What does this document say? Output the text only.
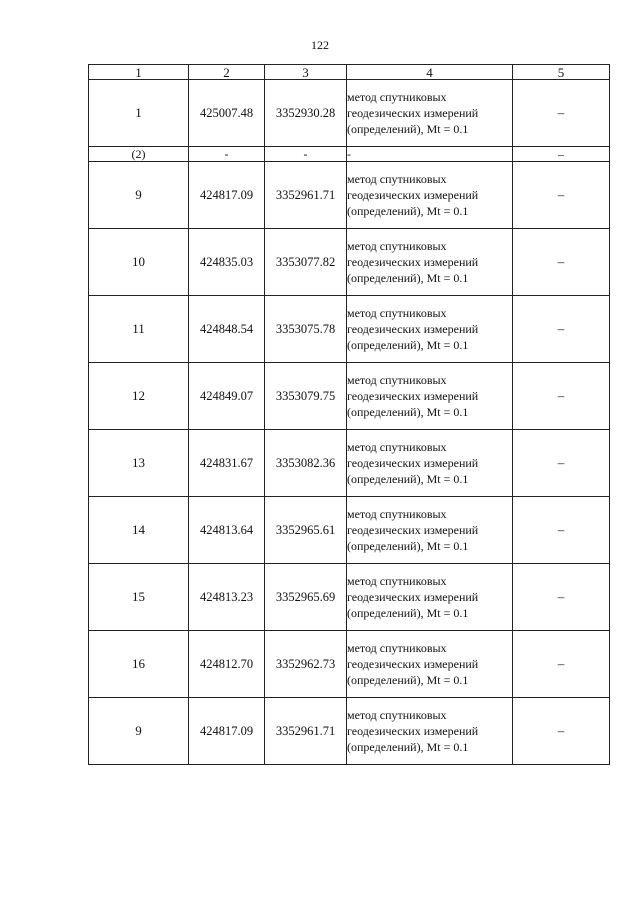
122
1	2	3	4	5
1	425007.48	3352930.28	метод спутниковых геодезических измерений (определений), Mt = 0.1	–
(2)	-	-	-	–
9	424817.09	3352961.71	метод спутниковых геодезических измерений (определений), Mt = 0.1	–
10	424835.03	3353077.82	метод спутниковых геодезических измерений (определений), Mt = 0.1	–
11	424848.54	3353075.78	метод спутниковых геодезических измерений (определений), Mt = 0.1	–
12	424849.07	3353079.75	метод спутниковых геодезических измерений (определений), Mt = 0.1	–
13	424831.67	3353082.36	метод спутниковых геодезических измерений (определений), Mt = 0.1	–
14	424813.64	3352965.61	метод спутниковых геодезических измерений (определений), Mt = 0.1	–
15	424813.23	3352965.69	метод спутниковых геодезических измерений (определений), Mt = 0.1	–
16	424812.70	3352962.73	метод спутниковых геодезических измерений (определений), Mt = 0.1	–
9	424817.09	3352961.71	метод спутниковых геодезических измерений (определений), Mt = 0.1	–
